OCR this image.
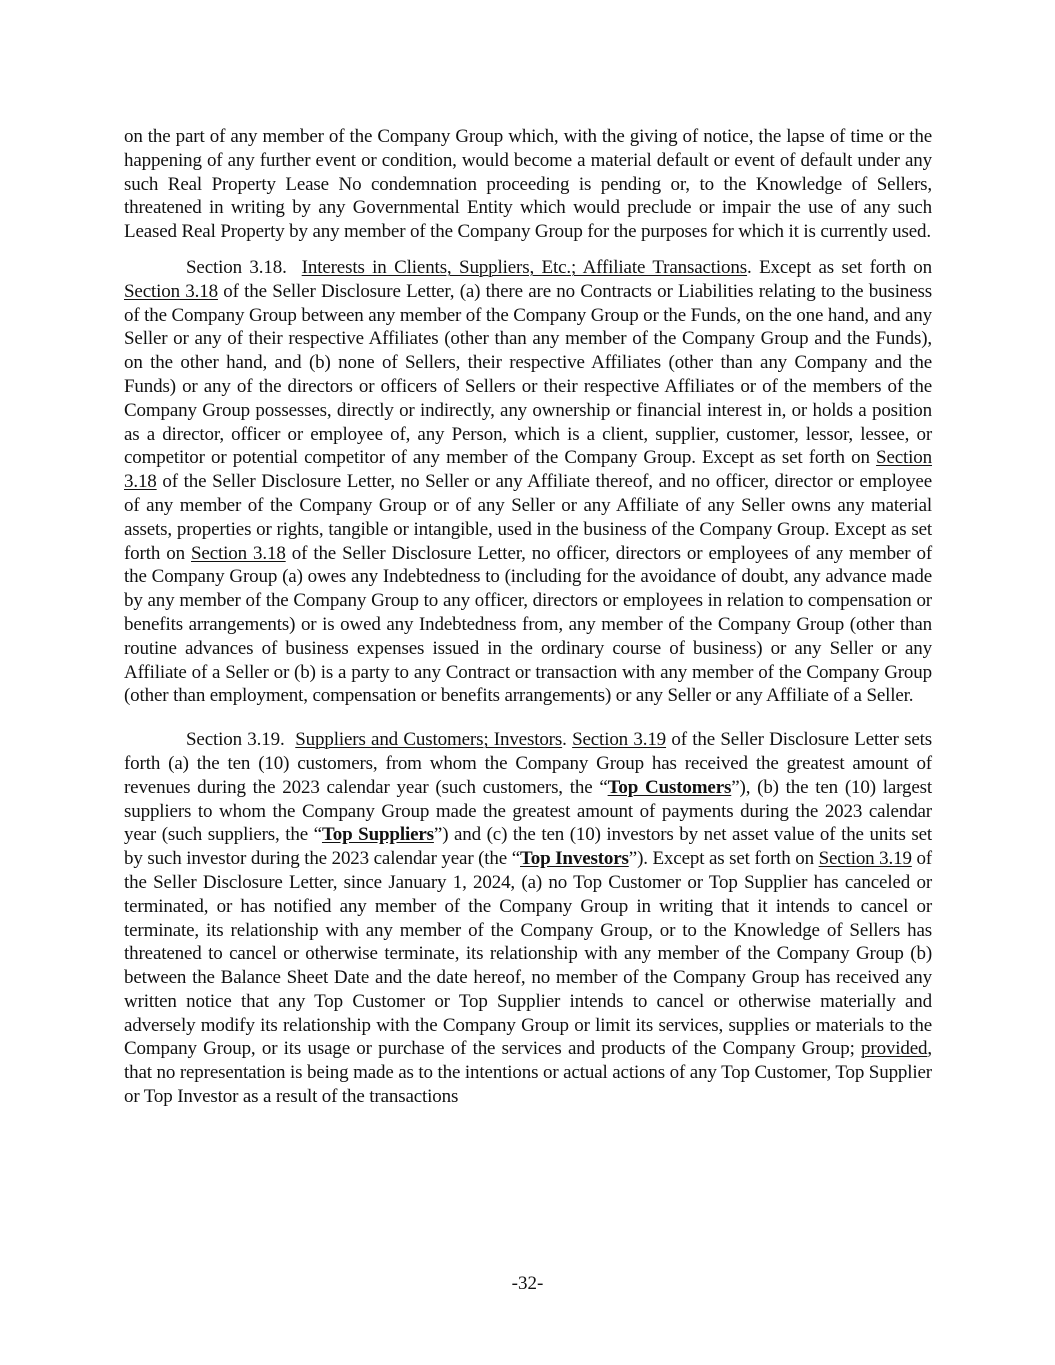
on the part of any member of the Company Group which, with the giving of notice, the lapse of time or the happening of any further event or condition, would become a material default or event of default under any such Real Property Lease No condemnation proceeding is pending or, to the Knowledge of Sellers, threatened in writing by any Governmental Entity which would preclude or impair the use of any such Leased Real Property by any member of the Company Group for the purposes for which it is currently used.

Section 3.18. Interests in Clients, Suppliers, Etc.; Affiliate Transactions. Except as set forth on Section 3.18 of the Seller Disclosure Letter, (a) there are no Contracts or Liabilities relating to the business of the Company Group between any member of the Company Group or the Funds, on the one hand, and any Seller or any of their respective Affiliates (other than any member of the Company Group and the Funds), on the other hand, and (b) none of Sellers, their respective Affiliates (other than any Company and the Funds) or any of the directors or officers of Sellers or their respective Affiliates or of the members of the Company Group possesses, directly or indirectly, any ownership or financial interest in, or holds a position as a director, officer or employee of, any Person, which is a client, supplier, customer, lessor, lessee, or competitor or potential competitor of any member of the Company Group. Except as set forth on Section 3.18 of the Seller Disclosure Letter, no Seller or any Affiliate thereof, and no officer, director or employee of any member of the Company Group or of any Seller or any Affiliate of any Seller owns any material assets, properties or rights, tangible or intangible, used in the business of the Company Group. Except as set forth on Section 3.18 of the Seller Disclosure Letter, no officer, directors or employees of any member of the Company Group (a) owes any Indebtedness to (including for the avoidance of doubt, any advance made by any member of the Company Group to any officer, directors or employees in relation to compensation or benefits arrangements) or is owed any Indebtedness from, any member of the Company Group (other than routine advances of business expenses issued in the ordinary course of business) or any Seller or any Affiliate of a Seller or (b) is a party to any Contract or transaction with any member of the Company Group (other than employment, compensation or benefits arrangements) or any Seller or any Affiliate of a Seller.

Section 3.19. Suppliers and Customers; Investors. Section 3.19 of the Seller Disclosure Letter sets forth (a) the ten (10) customers, from whom the Company Group has received the greatest amount of revenues during the 2023 calendar year (such customers, the “Top Customers”), (b) the ten (10) largest suppliers to whom the Company Group made the greatest amount of payments during the 2023 calendar year (such suppliers, the “Top Suppliers”) and (c) the ten (10) investors by net asset value of the units set by such investor during the 2023 calendar year (the “Top Investors”). Except as set forth on Section 3.19 of the Seller Disclosure Letter, since January 1, 2024, (a) no Top Customer or Top Supplier has canceled or terminated, or has notified any member of the Company Group in writing that it intends to cancel or terminate, its relationship with any member of the Company Group, or to the Knowledge of Sellers has threatened to cancel or otherwise terminate, its relationship with any member of the Company Group (b) between the Balance Sheet Date and the date hereof, no member of the Company Group has received any written notice that any Top Customer or Top Supplier intends to cancel or otherwise materially and adversely modify its relationship with the Company Group or limit its services, supplies or materials to the Company Group, or its usage or purchase of the services and products of the Company Group; provided, that no representation is being made as to the intentions or actual actions of any Top Customer, Top Supplier or Top Investor as a result of the transactions

-32-
